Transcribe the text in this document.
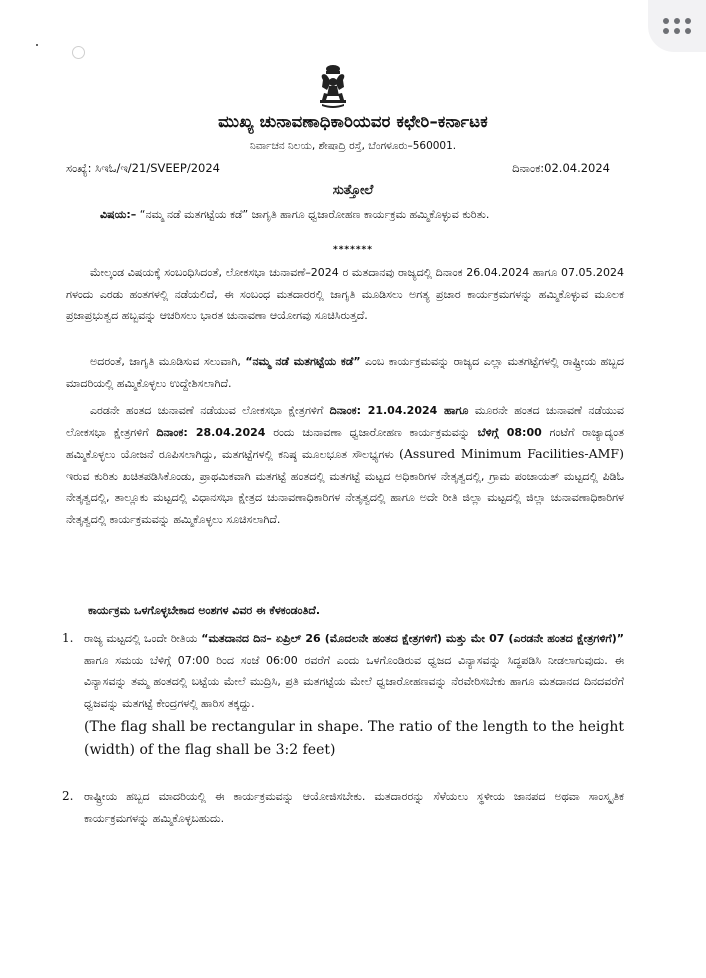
ಮುಖ್ಯ ಚುನಾವಣಾಧಿಕಾರಿಯವರ ಕಛೇರಿ–ಕರ್ನಾಟಕ
ನಿರ್ವಾಚನ ನಿಲಯ, ಶೇಷಾದ್ರಿ ರಸ್ತೆ, ಬೆಂಗಳೂರು–560001.
ಸಂಖ್ಯೆ: ಸಿಇಓ/ಇ/21/SVEEP/2024	ದಿನಾಂಕ:02.04.2024
ಸುತ್ತೋಲೆ
ವಿಷಯ:– “ನಮ್ಮ ನಡೆ ಮತಗಟ್ಟೆಯ ಕಡೆ” ಜಾಗೃತಿ ಹಾಗೂ ಧ್ವಜಾರೋಹಣ ಕಾರ್ಯಕ್ರಮ ಹಮ್ಮಿಕೊಳ್ಳುವ ಕುರಿತು.
*******
ಮೇಲ್ಕಂಡ ವಿಷಯಕ್ಕೆ ಸಂಬಂಧಿಸಿದಂತೆ, ಲೋಕಸಭಾ ಚುನಾವಣೆ–2024 ರ ಮತದಾನವು ರಾಜ್ಯದಲ್ಲಿ ದಿನಾಂಕ 26.04.2024 ಹಾಗೂ 07.05.2024 ಗಳಂದು ಎರಡು ಹಂತಗಳಲ್ಲಿ ನಡೆಯಲಿದೆ, ಈ ಸಂಬಂಧ ಮತದಾರರಲ್ಲಿ ಜಾಗೃತಿ ಮೂಡಿಸಲು ಅಗತ್ಯ ಪ್ರಚಾರ ಕಾರ್ಯಕ್ರಮಗಳನ್ನು ಹಮ್ಮಿಕೊಳ್ಳುವ ಮೂಲಕ ಪ್ರಜಾಪ್ರಭುತ್ವದ ಹಬ್ಬವನ್ನು ಆಚರಿಸಲು ಭಾರತ ಚುನಾವಣಾ ಆಯೋಗವು ಸೂಚಿಸಿರುತ್ತದೆ.
ಅದರಂತೆ, ಜಾಗೃತಿ ಮೂಡಿಸುವ ಸಲುವಾಗಿ, “ನಮ್ಮ ನಡೆ ಮತಗಟ್ಟೆಯ ಕಡೆ” ಎಂಬ ಕಾರ್ಯಕ್ರಮವನ್ನು ರಾಜ್ಯದ ಎಲ್ಲಾ ಮತಗಟ್ಟೆಗಳಲ್ಲಿ ರಾಷ್ಟ್ರೀಯ ಹಬ್ಬದ ಮಾದರಿಯಲ್ಲಿ ಹಮ್ಮಿಕೊಳ್ಳಲು ಉದ್ದೇಶಿಸಲಾಗಿದೆ.
ಎರಡನೇ ಹಂತದ ಚುನಾವಣೆ ನಡೆಯುವ ಲೋಕಸಭಾ ಕ್ಷೇತ್ರಗಳಿಗೆ ದಿನಾಂಕ: 21.04.2024 ಹಾಗೂ ಮೂರನೇ ಹಂತದ ಚುನಾವಣೆ ನಡೆಯುವ ಲೋಕಸಭಾ ಕ್ಷೇತ್ರಗಳಿಗೆ ದಿನಾಂಕ: 28.04.2024 ರಂದು ಚುನಾವಣಾ ಧ್ವಜಾರೋಹಣ ಕಾರ್ಯಕ್ರಮವನ್ನು ಬೆಳಿಗ್ಗೆ 08:00 ಗಂಟೆಗೆ ರಾಜ್ಯಾದ್ಯಂತ ಹಮ್ಮಿಕೊಳ್ಳಲು ಯೋಜನೆ ರೂಪಿಸಲಾಗಿದ್ದು, ಮತಗಟ್ಟೆಗಳಲ್ಲಿ ಕನಿಷ್ಠ ಮೂಲಭೂತ ಸೌಲಭ್ಯಗಳು (Assured Minimum Facilities-AMF) ಇರುವ ಕುರಿತು ಖಚಿತಪಡಿಸಿಕೊಂಡು, ಪ್ರಾಥಮಿಕವಾಗಿ ಮತಗಟ್ಟೆ ಹಂತದಲ್ಲಿ ಮತಗಟ್ಟೆ ಮಟ್ಟದ ಅಧಿಕಾರಿಗಳ ನೇತೃತ್ವದಲ್ಲಿ, ಗ್ರಾಮ ಪಂಚಾಯತ್ ಮಟ್ಟದಲ್ಲಿ ಪಿಡಿಓ ನೇತೃತ್ವದಲ್ಲಿ, ತಾಲ್ಲೂಕು ಮಟ್ಟದಲ್ಲಿ ವಿಧಾನಸಭಾ ಕ್ಷೇತ್ರದ ಚುನಾವಣಾಧಿಕಾರಿಗಳ ನೇತೃತ್ವದಲ್ಲಿ ಹಾಗೂ ಅದೇ ರೀತಿ ಜಿಲ್ಲಾ ಮಟ್ಟದಲ್ಲಿ ಜಿಲ್ಲಾ ಚುನಾವಣಾಧಿಕಾರಿಗಳ ನೇತೃತ್ವದಲ್ಲಿ ಕಾರ್ಯಕ್ರಮವನ್ನು ಹಮ್ಮಿಕೊಳ್ಳಲು ಸೂಚಿಸಲಾಗಿದೆ.
ಕಾರ್ಯಕ್ರಮ ಒಳಗೊಳ್ಳಬೇಕಾದ ಅಂಶಗಳ ವಿವರ ಈ ಕೆಳಕಂಡಂತಿದೆ.
1. ರಾಜ್ಯ ಮಟ್ಟದಲ್ಲಿ ಒಂದೇ ರೀತಿಯ “ಮತದಾನದ ದಿನ– ಏಪ್ರಿಲ್ 26 (ಮೊದಲನೇ ಹಂತದ ಕ್ಷೇತ್ರಗಳಿಗೆ) ಮತ್ತು ಮೇ 07 (ಎರಡನೇ ಹಂತದ ಕ್ಷೇತ್ರಗಳಿಗೆ)” ಹಾಗೂ ಸಮಯ ಬೆಳಿಗ್ಗೆ 07:00 ರಿಂದ ಸಂಜೆ 06:00 ರವರೆಗೆ ಎಂದು ಒಳಗೊಂಡಿರುವ ಧ್ವಜದ ವಿನ್ಯಾಸವನ್ನು ಸಿದ್ಧಪಡಿಸಿ ನೀಡಲಾಗುವುದು. ಈ ವಿನ್ಯಾಸವನ್ನು ತಮ್ಮ ಹಂತದಲ್ಲಿ ಬಟ್ಟೆಯ ಮೇಲೆ ಮುದ್ರಿಸಿ, ಪ್ರತಿ ಮತಗಟ್ಟೆಯ ಮೇಲೆ ಧ್ವಜಾರೋಹಣವನ್ನು ನೆರವೇರಿಸಬೇಕು ಹಾಗೂ ಮತದಾನದ ದಿನದವರೆಗೆ ಧ್ವಜವನ್ನು ಮತಗಟ್ಟೆ ಕೇಂದ್ರಗಳಲ್ಲಿ ಹಾರಿಸ ತಕ್ಕದ್ದು.
(The flag shall be rectangular in shape. The ratio of the length to the height (width) of the flag shall be 3:2 feet)
2. ರಾಷ್ಟ್ರೀಯ ಹಬ್ಬದ ಮಾದರಿಯಲ್ಲಿ ಈ ಕಾರ್ಯಕ್ರಮವನ್ನು ಆಯೋಜಿಸಬೇಕು. ಮತದಾರರನ್ನು ಸೆಳೆಯಲು ಸ್ಥಳೀಯ ಜಾನಪದ ಅಥವಾ ಸಾಂಸ್ಕೃತಿಕ ಕಾರ್ಯಕ್ರಮಗಳನ್ನು ಹಮ್ಮಿಕೊಳ್ಳಬಹುದು.
